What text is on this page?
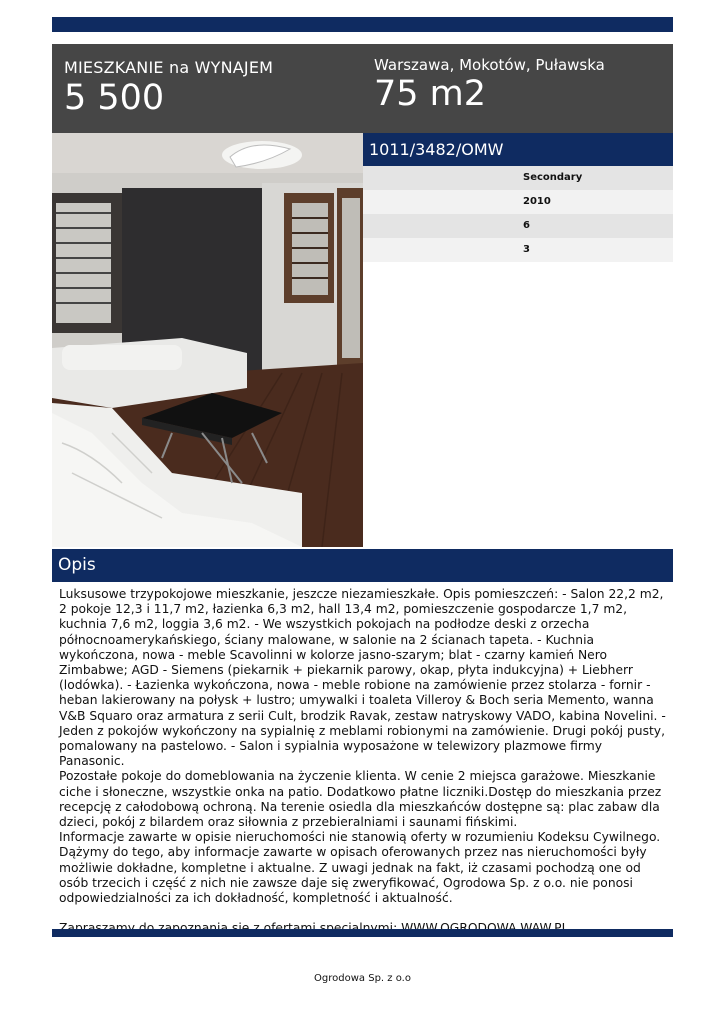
MIESZKANIE na WYNAJEM
5 500
Warszawa, Mokotów, Puławska
75 m2
1011/3482/OMW
Secondary
2010
6
3
Opis
Luksusowe trzypokojowe mieszkanie, jeszcze niezamieszkałe. Opis pomieszczeń: - Salon 22,2 m2,
2 pokoje 12,3 i 11,7 m2, łazienka 6,3 m2, hall 13,4 m2, pomieszczenie gospodarcze 1,7 m2,
kuchnia 7,6 m2, loggia 3,6 m2. - We wszystkich pokojach na podłodze deski z orzecha
północnoamerykańskiego, ściany malowane, w salonie na 2 ścianach tapeta. - Kuchnia
wykończona, nowa - meble Scavolinni w kolorze jasno-szarym; blat - czarny kamień Nero
Zimbabwe; AGD - Siemens (piekarnik + piekarnik parowy, okap, płyta indukcyjna) + Liebherr
(lodówka). - Łazienka wykończona, nowa - meble robione na zamówienie przez stolarza - fornir -
heban lakierowany na połysk + lustro; umywalki i toaleta Villeroy & Boch seria Memento, wanna
V&B Squaro oraz armatura z serii Cult, brodzik Ravak, zestaw natryskowy VADO, kabina Novelini. -
Jeden z pokojów wykończony na sypialnię z meblami robionymi na zamówienie. Drugi pokój pusty,
pomalowany na pastelowo. - Salon i sypialnia wyposażone w telewizory plazmowe firmy Panasonic.
Pozostałe pokoje do domeblowania na życzenie klienta. W cenie 2 miejsca garażowe. Mieszkanie
ciche i słoneczne, wszystkie onka na patio. Dodatkowo płatne liczniki.Dostęp do mieszkania przez
recepcję z całodobową ochroną. Na terenie osiedla dla mieszkańców dostępne są: plac zabaw dla
dzieci, pokój z bilardem oraz siłownia z przebieralniami i saunami fińskimi.
Informacje zawarte w opisie nieruchomości nie stanowią oferty w rozumieniu Kodeksu Cywilnego.
Dążymy do tego, aby informacje zawarte w opisach oferowanych przez nas nieruchomości były
możliwie dokładne, kompletne i aktualne. Z uwagi jednak na fakt, iż czasami pochodzą one od
osób trzecich i część z nich nie zawsze daje się zweryfikować, Ogrodowa Sp. z o.o. nie ponosi
odpowiedzialności za ich dokładność, kompletność i aktualność.

Ogrodowa Sp. z o.o
